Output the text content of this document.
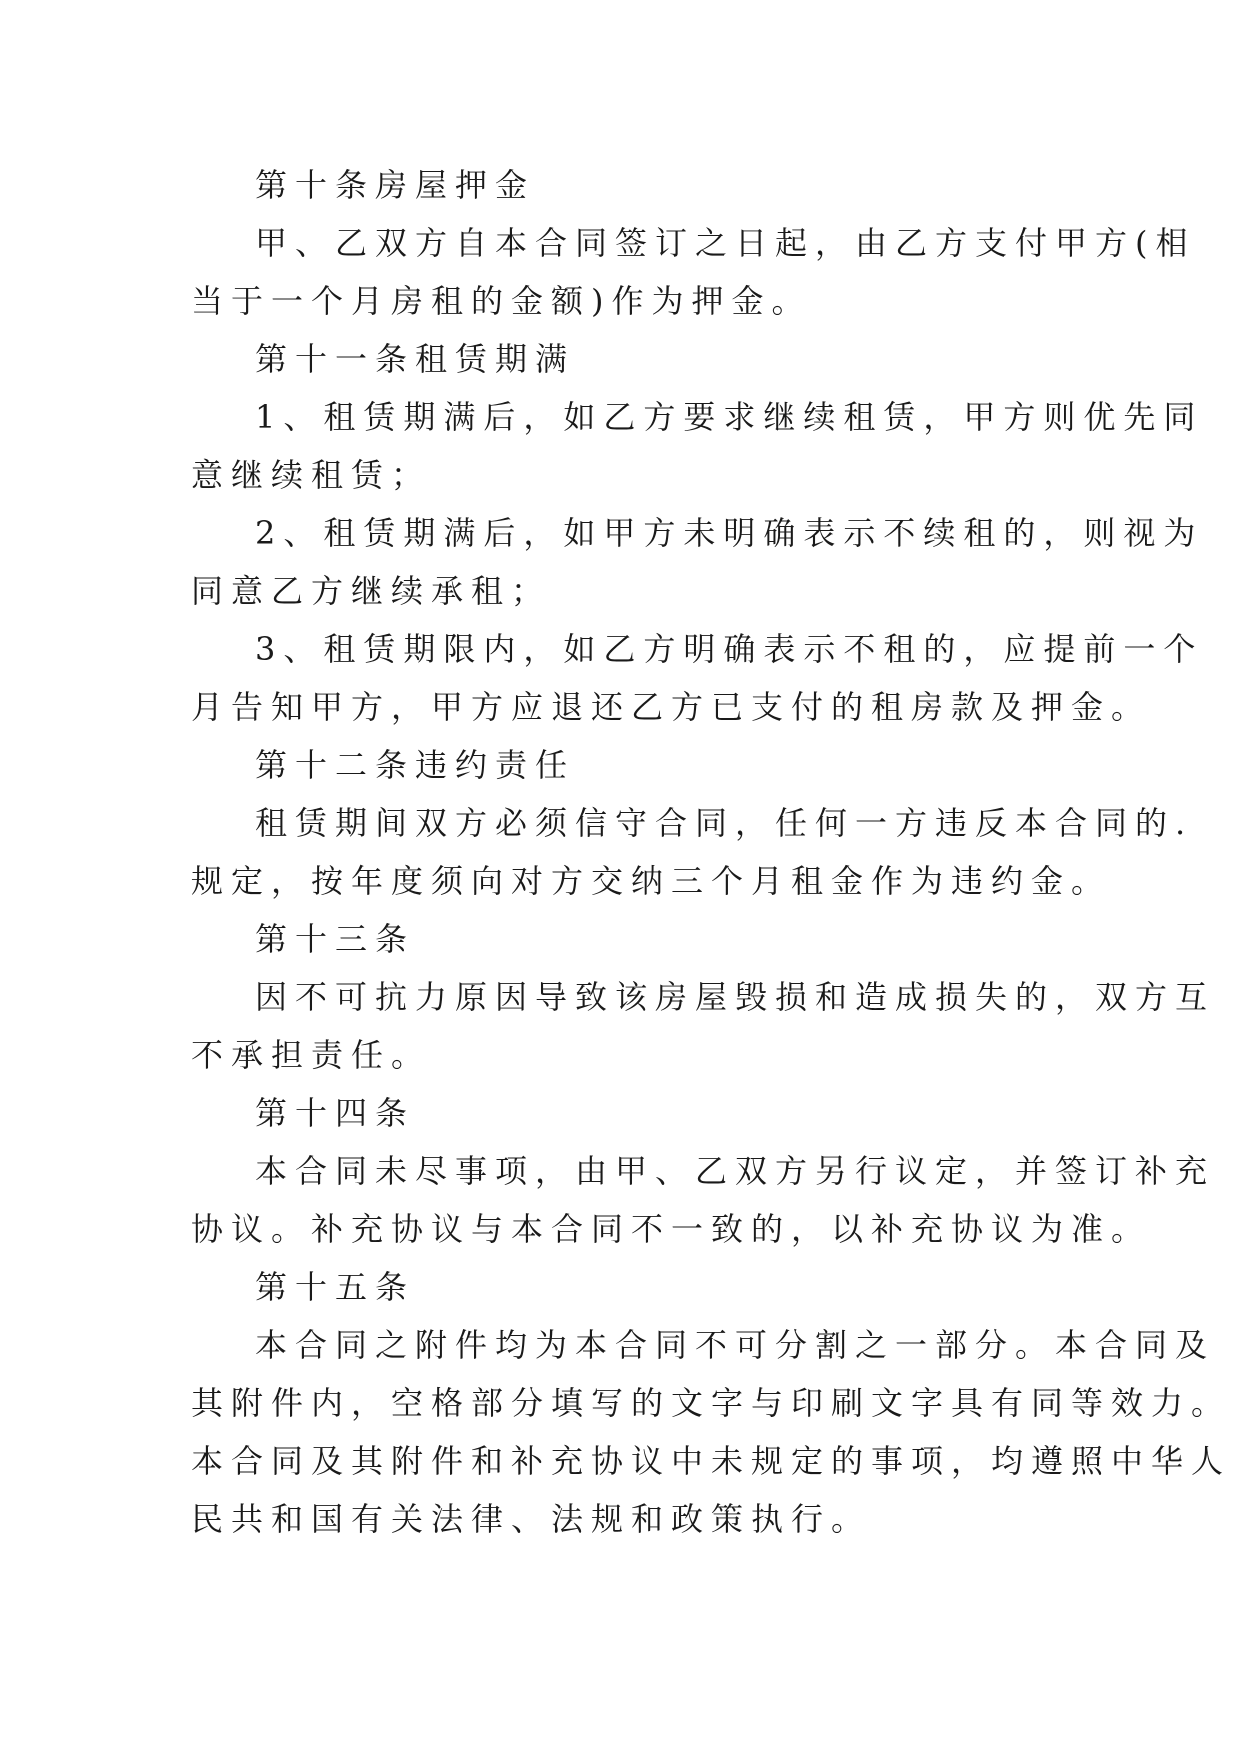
第十条房屋押金
甲、乙双方自本合同签订之日起，由乙方支付甲方(相
当于一个月房租的金额)作为押金。
第十一条租赁期满
1、租赁期满后，如乙方要求继续租赁，甲方则优先同
意继续租赁；
2、租赁期满后，如甲方未明确表示不续租的，则视为
同意乙方继续承租；
3、租赁期限内，如乙方明确表示不租的，应提前一个
月告知甲方，甲方应退还乙方已支付的租房款及押金。
第十二条违约责任
租赁期间双方必须信守合同，任何一方违反本合同的.
规定，按年度须向对方交纳三个月租金作为违约金。
第十三条
因不可抗力原因导致该房屋毁损和造成损失的，双方互
不承担责任。
第十四条
本合同未尽事项，由甲、乙双方另行议定，并签订补充
协议。补充协议与本合同不一致的，以补充协议为准。
第十五条
本合同之附件均为本合同不可分割之一部分。本合同及
其附件内，空格部分填写的文字与印刷文字具有同等效力。
本合同及其附件和补充协议中未规定的事项，均遵照中华人
民共和国有关法律、法规和政策执行。
